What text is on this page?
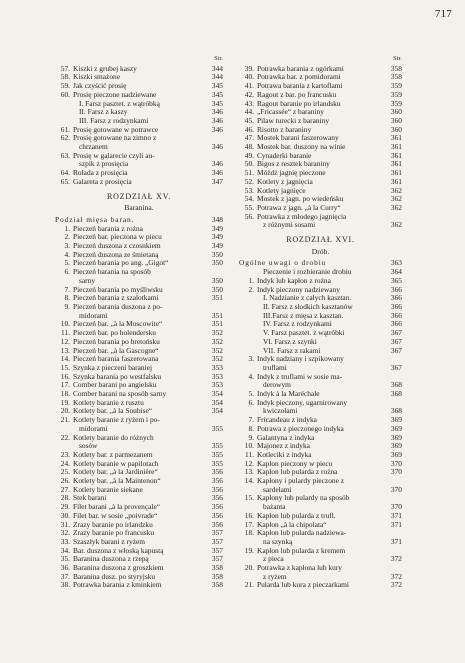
717
Str.
57. Kiszki z grubej kaszy	344
58. Kiszki smażone	344
59. Jak czyścić prosię	345
60. Prosię pieczone nadziewane	345
I. Farsz pasztet. z wątróbką	345
II. Farsz z kaszy	346
III. Farsz z rodzynkami	346
61. Prosię gotowane w potrawce	346
62. Prosię gotowane na zimno z
chrzanem	346
63. Prosię w galarecie czyli au-
szpik z prosięcia	346
64. Rolada z prosięcia	346
65. Galareta z prosięcia	347
ROZDZIAŁ XV.
Baranina.
Podział mięsa baran.	348
1. Pieczeń barania z rożna	349
2. Pieczeń bar. pieczona w piecu	349
3. Pieczeń duszona z czosnkiem	349
4. Pieczeń duszona ze śmietaną	350
5. Pieczeń barania po ang. „Gigot“	350
6. Pieczeń barania na sposób
sarny	350
7. Pieczeń barania po myśliwsku	350
8. Pieczeń barania z szalotkami	351
9. Pieczeń barania duszona z po-
midorami	351
10. Pieczeń bar. „à la Moscowite“	351
11. Pieczeń bar. po holendersku	352
12. Pieczeń barania po bretońsku	352
13. Pieczeń bar. „à la Gascogne“	352
14. Pieczeń barania faszerowana	352
15. Szynka z pieczeni baraniej	353
16. Szynka barania po westfalsku	353
17. Comber barani po angielsku	353
18. Comber barani na sposób sarny	354
19. Kotlety baranie z rusztu	354
20. Kotlety bar. „à la Soubise“	354
21. Kotlety baranie z ryżem i po-
midorami	355
22. Kotlety baranie do różnych
sosów	355
23. Kotlety bar. z parmezanem	355
24. Kotlety baranie w papilotach	355
25. Kotlety bar. „à la Jardinière“	356
26. Kotlety bar. „à la Maintenon“	356
27. Kotlety baranie siekane	356
28. Stek barani	356
29. Filet barani „à la provençale“	356
30. Filet bar. w sosie „poivrade“	356
31. Zrazy baranie po irlandzku	356
32. Zrazy baranie po francusku	357
33. Szaszłyk barani z ryżem	357
34. Bar. duszona z włoską kapustą	357
35. Baranina duszona z rzepą	357
36. Baranina duszona z groszkiem	358
37. Baranina dusz. po styryjsku	358
38. Potrawka barania z kminkiem	358
Str.
39. Potrawka barania z ogórkami	358
40. Potrawka bar. z pomidorami	358
41. Potrawa barania z kartoflami	359
42. Ragout z bar. po francusku	359
43. Ragout baranie po irlandsku	359
44. „Fricassée“ z baraniny	360
45. Pilaw turecki z baraniny	360
46. Risotto z baraniny	360
47. Mostek barani faszerowany	361
48. Mostek bar. duszony na winie	361
49. Cynaderki baranie	361
50. Bigos z resztek baraniny	361
51. Móżdż jagnię pieczone	361
52. Kotlety z jagnięcia	361
53. Kotlety jagnięce	362
54. Mostek z jagn. po wiedeńsku	362
55. Potrawa z jagn. „à la Curry“	362
56. Potrawka z młodego jagnięcia
z różnymi sosami	362
ROZDZIAŁ XVI.
Drób.
Ogólne uwagi o drobiu	363
Pieczenie i rozbieranie drobiu	364
1. Indyk lub kapłon z rożna	365
2. Indyk pieczony nadziewany	366
I. Nadzianie z całych kasztan.	366
II. Farsz z słodkich kasztanów	366
III.Farsz z mięsa z kasztan.	366
IV. Farsz z rodzynkami	366
V. Farsz pasztet. z wątróbki	367
VI. Farsz z szynki	367
VII. Farsz z rakami	367
3. Indyk nadziany i szpikowany
truflami	367
4. Indyk z truflami w sosie ma-
derowym	368
5. Indyk à la Maréchale	368
6. Indyk pieczony, ugarnirowany
kwiczołami	368
7. Fricandeau z indyka	369
8. Potrawa z pieczonego indyka	369
9. Galantyna z indyka	369
10. Majonez z indyka	369
11. Kotleciki z indyka	369
12. Kapłon pieczony w piecu	370
13. Kapłon lub pularda z rożna	370
14. Kapłony i pulardy pieczone z
sardelami	370
15. Kapłony lub pulardy na sposób
bażanta	370
16. Kapłon lub pularda z trufl.	371
17. Kapłon „à la chipolata“	371
18. Kapłon lub pularda nadziewa-
na szynką	371
19. Kapłon lub pularda z kremem
z pieca	372
20. Potrawka z kapłona lub kury
z ryżem	372
21. Pularda lub kura z pieczarkami	372
